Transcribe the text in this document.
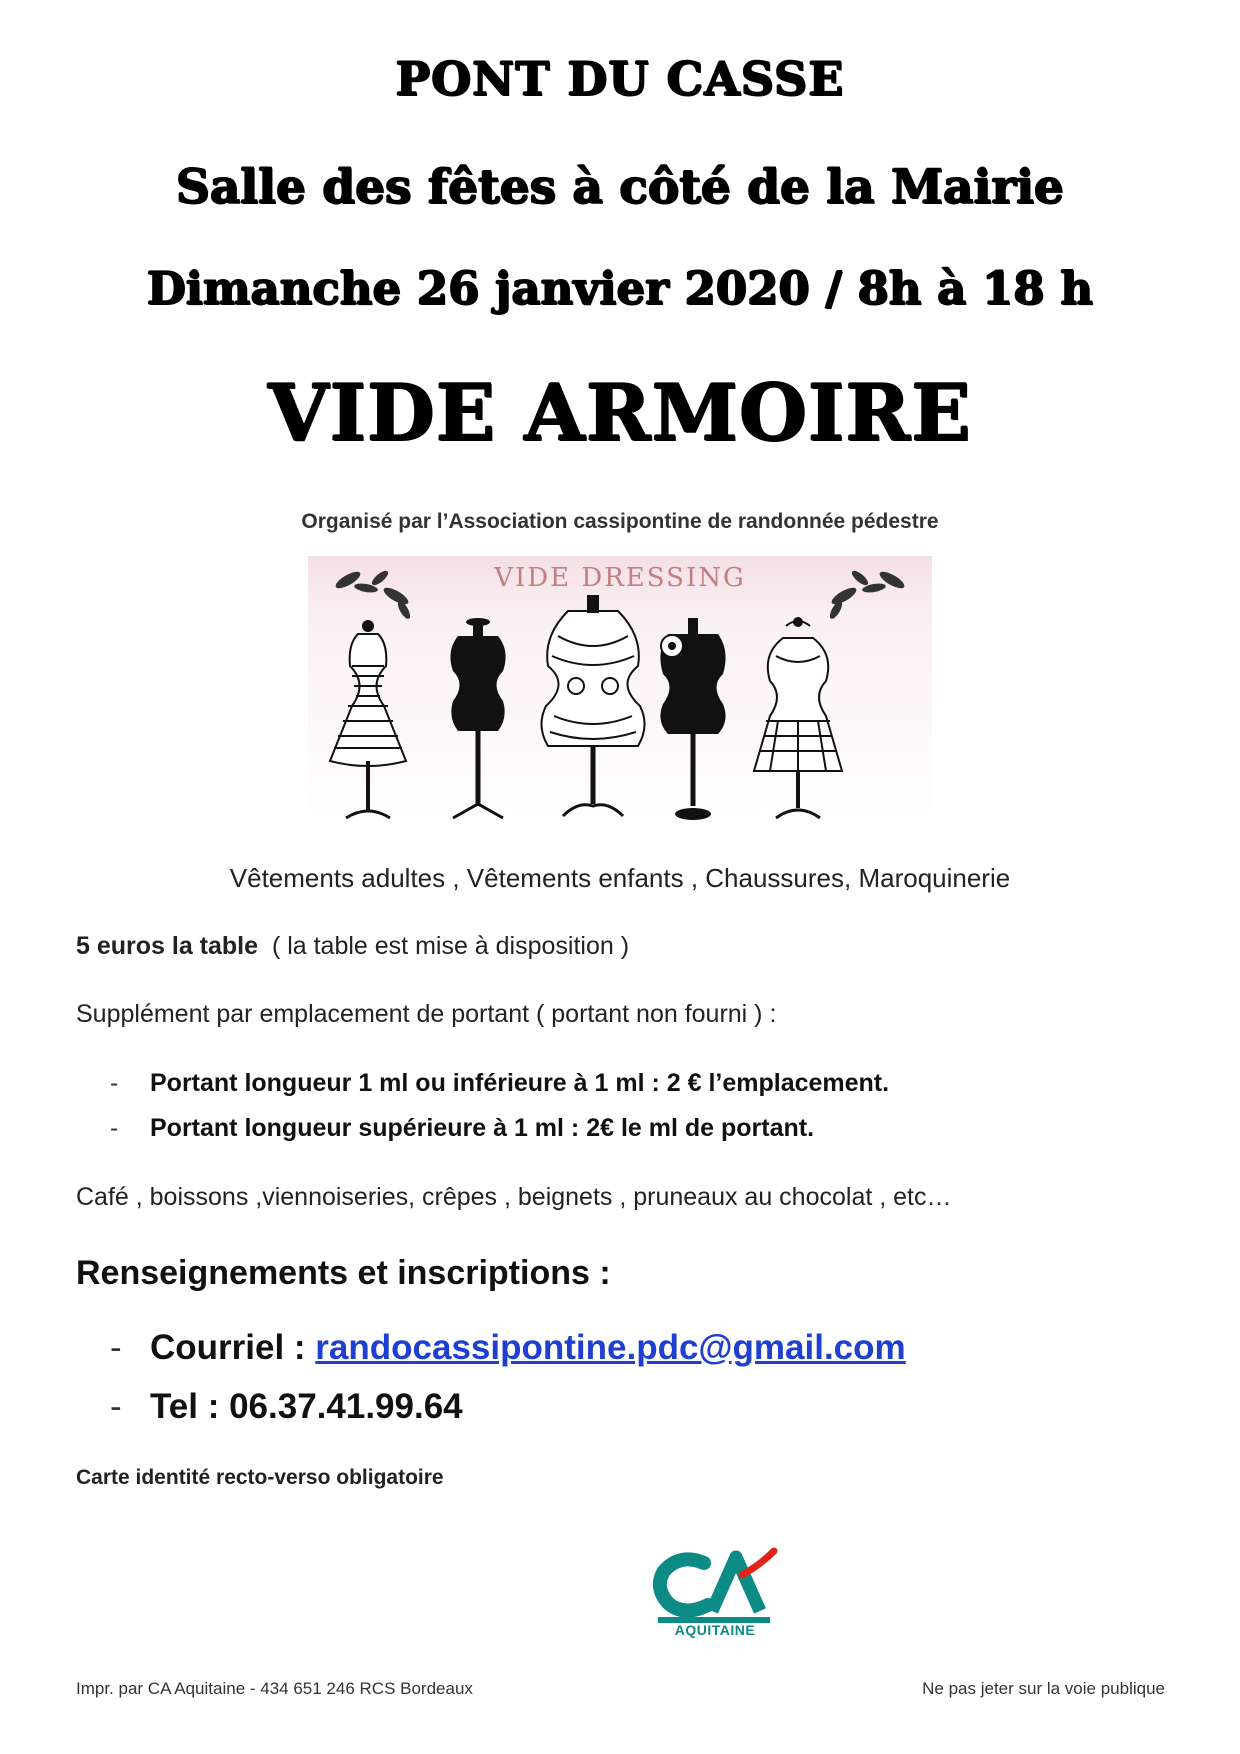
PONT DU CASSE
Salle des fêtes à côté de la Mairie
Dimanche 26 janvier 2020 / 8h à 18 h
VIDE ARMOIRE
Organisé par l’Association cassipontine de randonnée pédestre
VIDE DRESSING
Vêtements adultes , Vêtements enfants , Chaussures, Maroquinerie
5 euros la table ( la table est mise à disposition )
Supplément par emplacement de portant ( portant non fourni ) :
- Portant longueur 1 ml ou inférieure à 1 ml : 2 € l’emplacement.
- Portant longueur supérieure à 1 ml : 2€ le ml de portant.
Café , boissons ,viennoiseries, crêpes , beignets , pruneaux au chocolat , etc…
Renseignements et inscriptions :
- Courriel : randocassipontine.pdc@gmail.com
- Tel : 06.37.41.99.64
Carte identité recto-verso obligatoire
AQUITAINE
Impr. par CA Aquitaine - 434 651 246 RCS Bordeaux	Ne pas jeter sur la voie publique
